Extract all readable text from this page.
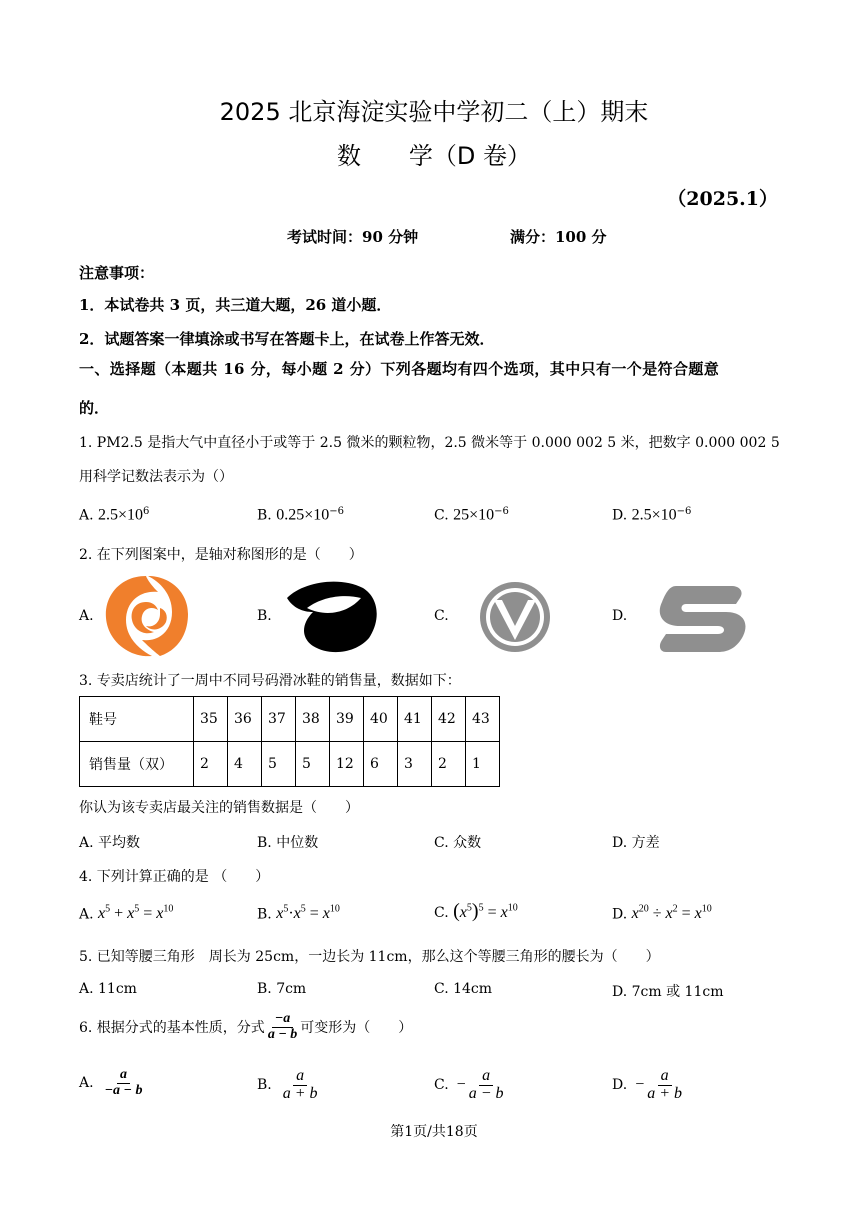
2025 北京海淀实验中学初二（上）期末
数　　学（D 卷）
（2025.1）
考试时间：90 分钟	满分：100 分
注意事项：
1．本试卷共 3 页，共三道大题，26 道小题．
2．试题答案一律填涂或书写在答题卡上，在试卷上作答无效．
一、选择题（本题共 16 分，每小题 2 分）下列各题均有四个选项，其中只有一个是符合题意
的．
1. PM2.5 是指大气中直径小于或等于 2.5 微米的颗粒物，2.5 微米等于 0.000 002 5 米，把数字 0.000 002 5
用科学记数法表示为（）
A. $2.5\times 10^6$	B. $0.25\times 10^{-6}$	C. $25\times 10^{-6}$	D. $2.5\times 10^{-6}$
2. 在下列图案中，是轴对称图形的是（　　）
A.	B.	C.	D.
3. 专卖店统计了一周中不同号码滑冰鞋的销售量，数据如下：
鞋号	35	36	37	38	39	40	41	42	43
销售量（双）	2	4	5	5	12	6	3	2	1
你认为该专卖店最关注的销售数据是（　　）
A. 平均数	B. 中位数	C. 众数	D. 方差
4. 下列计算正确的是 （　　）
A. $x^5 + x^5 = x^{10}$	B. $x^5\cdot x^5 = x^{10}$	C. $(x^5)^5 = x^{10}$	D. $x^{20} \div x^2 = x^{10}$
5. 已知等腰三角形　周长为 25cm，一边长为 11cm，那么这个等腰三角形的腰长为（　　）
A. 11cm	B. 7cm	C. 14cm	D. 7cm 或 11cm
6. 根据分式的基本性质，分式 $\frac{-a}{a - b}$ 可变形为（　　）
A. $\frac{a}{-a - b}$	B. $\frac{a}{a + b}$	C. − $\frac{a}{a - b}$	D. − $\frac{a}{a + b}$
第1页/共18页
